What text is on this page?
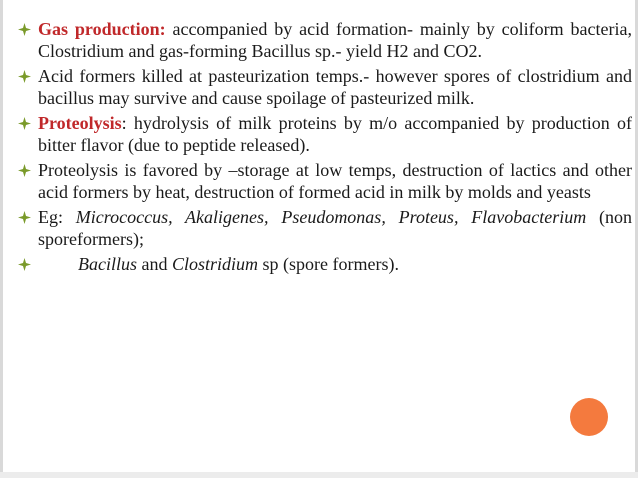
Gas production: accompanied by acid formation- mainly by coliform bacteria, Clostridium and gas-forming Bacillus sp.- yield H2 and CO2.
Acid formers killed at pasteurization temps.- however spores of clostridium and bacillus may survive and cause spoilage of pasteurized milk.
Proteolysis: hydrolysis of milk proteins by m/o accompanied by production of bitter flavor (due to peptide released).
Proteolysis is favored by –storage at low temps, destruction of lactics and other acid formers by heat, destruction of formed acid in milk by molds and yeasts
Eg: Micrococcus, Akaligenes, Pseudomonas, Proteus, Flavobacterium (non sporeformers);
Bacillus and Clostridium sp (spore formers).
